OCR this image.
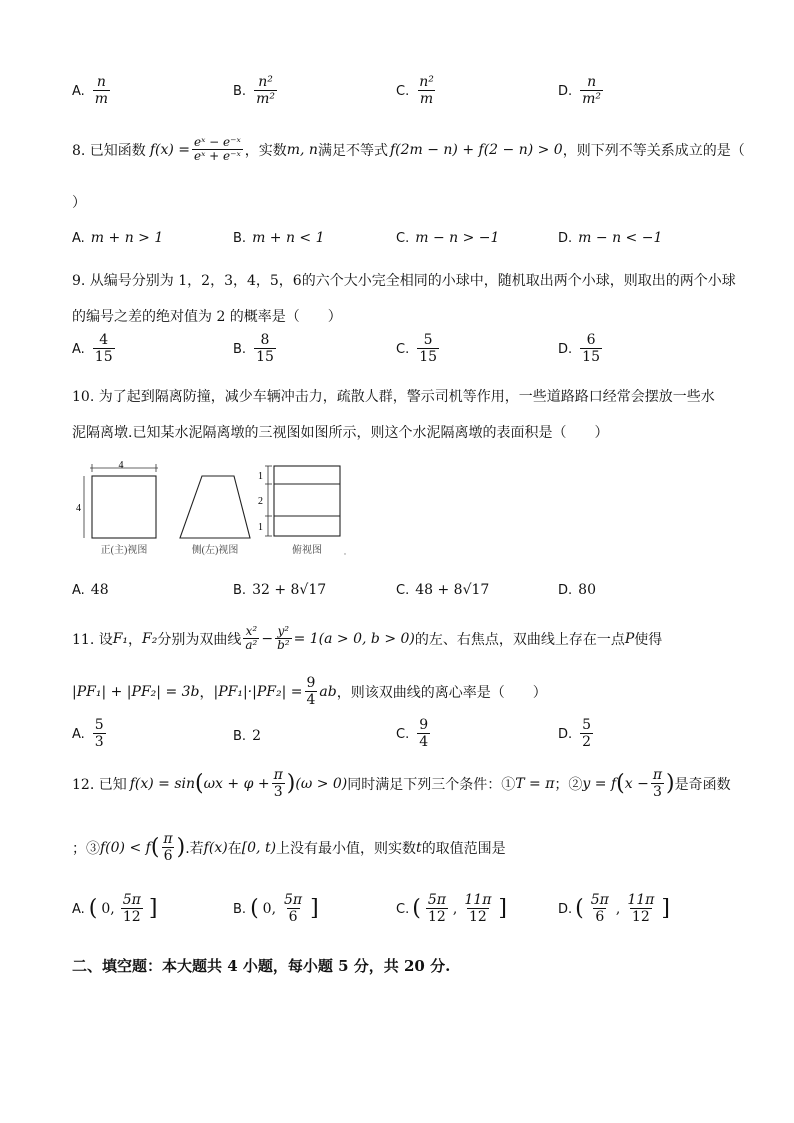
A. $\frac{n}{m}$	B. $\frac{\text{n²}}{\text{m²}}$	C. $\frac{\text{n²}}{m}$	D. $\frac{n}{\text{m²}}$
8. 已知函数 $f(x) = \frac{\text{eˣ − e⁻ˣ}}{\text{eˣ + e⁻ˣ}}$ ，实数 m, n 满足不等式 f(2m − n) + f(2 − n) > 0 ，则下列不等关系成立的是（
）
A. m + n > 1	B. m + n < 1	C. m − n > −1	D. m − n < −1
9. 从编号分别为 1，2，3，4，5，6的六个大小完全相同的小球中，随机取出两个小球，则取出的两个小球
的编号之差的绝对值为 2 的概率是（　　）
A. $\frac{4}{15}$	B. $\frac{8}{15}$	C. $\frac{5}{15}$	D. $\frac{6}{15}$
10. 为了起到隔离防撞，减少车辆冲击力，疏散人群，警示司机等作用，一些道路路口经常会摆放一些水
泥隔离墩.已知某水泥隔离墩的三视图如图所示，则这个水泥隔离墩的表面积是（　　）
4
4
正(主)视图	侧(左)视图
1
2
1
俯视图
A. 48	B. 32 + 8√17	C. 48 + 8√17	D. 80
11. 设 F₁ ， F₂ 分别为双曲线 $\frac{\text{x²}}{\text{a²}} - \frac{\text{y²}}{\text{b²}} = 1(a > 0$, b > 0) 的左、右焦点，双曲线上存在一点 P 使得
|PF₁| + |PF₂| = 3b ， $|PF_1|\cdot|PF_2| = \frac{9}{4}$ ab ，则该双曲线的离心率是（　　）
A. $\frac{5}{3}$	B. 2	C. $\frac{9}{4}$	D. $\frac{5}{2}$
12. 已知 f(x) = sin ( $\omega x + \varphi + \frac{\pi}{3}$ ) (ω > 0) 同时满足下列三个条件：① T = π ；② y = f ( $x - \frac{\pi}{3}$ ) 是奇函数
；③ f(0) < f ( $\frac{\pi}{6}$ ) .若 f(x) 在 [0, t) 上没有最小值，则实数 t 的取值范围是
A. ( 0, $\frac{5\pi}{12}$ ]	B. ( 0, $\frac{5\pi}{6}$ ]	C. ( $\frac{5\pi}{12}$ , $\frac{11\pi}{12}$ ]	D. ( $\frac{5\pi}{6}$ , $\frac{11\pi}{12}$ ]
二、填空题：本大题共 4 小题，每小题 5 分，共 20 分.
